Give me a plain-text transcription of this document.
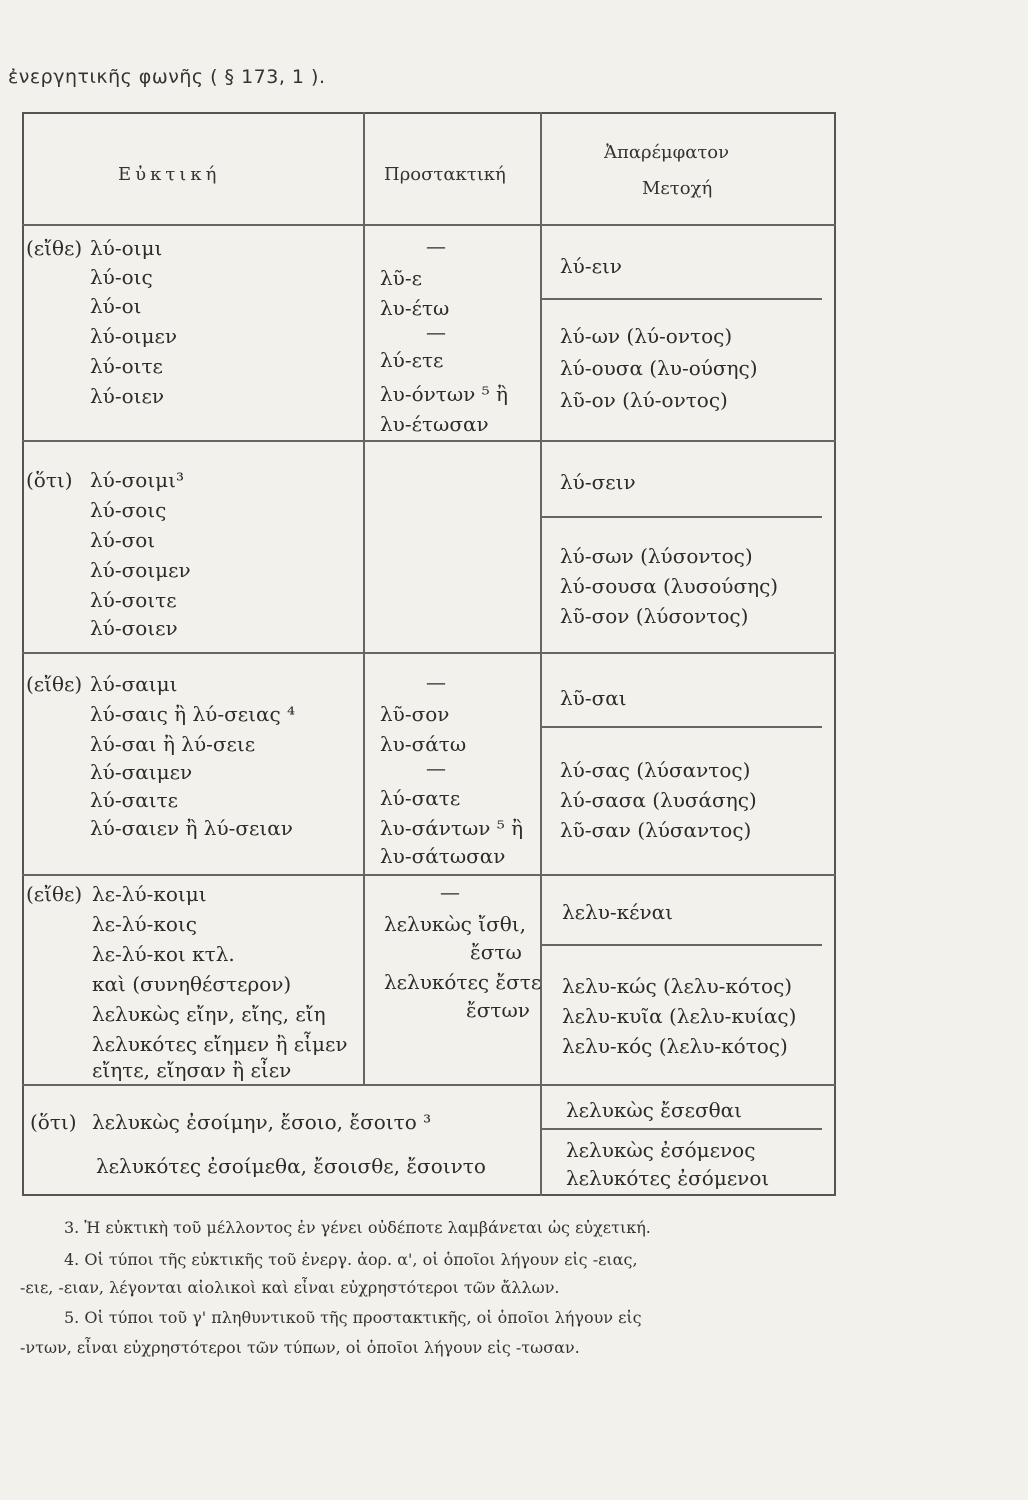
ἐνεργητικῆς φωνῆς ( § 173, 1 ).
Εὐκτική	Προστακτική
Ἀπαρέμφατον
Μετοχή
(εἴθε) λύ-οιμι
λύ-οις
λύ-οι
λύ-οιμεν
λύ-οιτε
λύ-οιεν
—
λῦ-ε
λυ-έτω
—
λύ-ετε
λυ-όντων ⁵ ἢ
λυ-έτωσαν
λύ-ειν
λύ-ων (λύ-οντος)
λύ-ουσα (λυ-ούσης)
λῦ-ον (λύ-οντος)
(ὅτι) λύ-σοιμι³
λύ-σοις
λύ-σοι
λύ-σοιμεν
λύ-σοιτε
λύ-σοιεν
λύ-σειν
λύ-σων (λύσοντος)
λύ-σουσα (λυσούσης)
λῦ-σον (λύσοντος)
(εἴθε) λύ-σαιμι
λύ-σαις ἢ λύ-σειας ⁴
λύ-σαι ἢ λύ-σειε
λύ-σαιμεν
λύ-σαιτε
λύ-σαιεν ἢ λύ-σειαν
—
λῦ-σον
λυ-σάτω
—
λύ-σατε
λυ-σάντων ⁵ ἢ
λυ-σάτωσαν
λῦ-σαι
λύ-σας (λύσαντος)
λύ-σασα (λυσάσης)
λῦ-σαν (λύσαντος)
(εἴθε) λε-λύ-κοιμι
λε-λύ-κοις
λε-λύ-κοι κτλ.
καὶ (συνηθέστερον)
λελυκὼς εἴην, εἴης, εἴη
λελυκότες εἴημεν ἢ εἶμεν
εἴητε, εἴησαν ἢ εἶεν
—
λελυκὼς ἴσθι,
ἔστω
λελυκότες ἔστε
ἔστων
λελυ-κέναι
λελυ-κώς (λελυ-κότος)
λελυ-κυῖα (λελυ-κυίας)
λελυ-κός (λελυ-κότος)
(ὅτι) λελυκὼς ἐσοίμην, ἔσοιο, ἔσοιτο ³
λελυκότες ἐσοίμεθα, ἔσοισθε, ἔσοιντο
λελυκὼς ἔσεσθαι
λελυκὼς ἐσόμενος
λελυκότες ἐσόμενοι
3. Ἡ εὐκτικὴ τοῦ μέλλοντος ἐν γένει οὐδέποτε λαμβάνεται ὡς εὐχετική.
4. Οἱ τύποι τῆς εὐκτικῆς τοῦ ἐνεργ. ἀορ. α', οἱ ὁποῖοι λήγουν εἰς -ειας,
-ειε, -ειαν, λέγονται αἰολικοὶ καὶ εἶναι εὐχρηστότεροι τῶν ἄλλων.
5. Οἱ τύποι τοῦ γ' πληθυντικοῦ τῆς προστακτικῆς, οἱ ὁποῖοι λήγουν εἰς
-ντων, εἶναι εὐχρηστότεροι τῶν τύπων, οἱ ὁποῖοι λήγουν εἰς -τωσαν.
